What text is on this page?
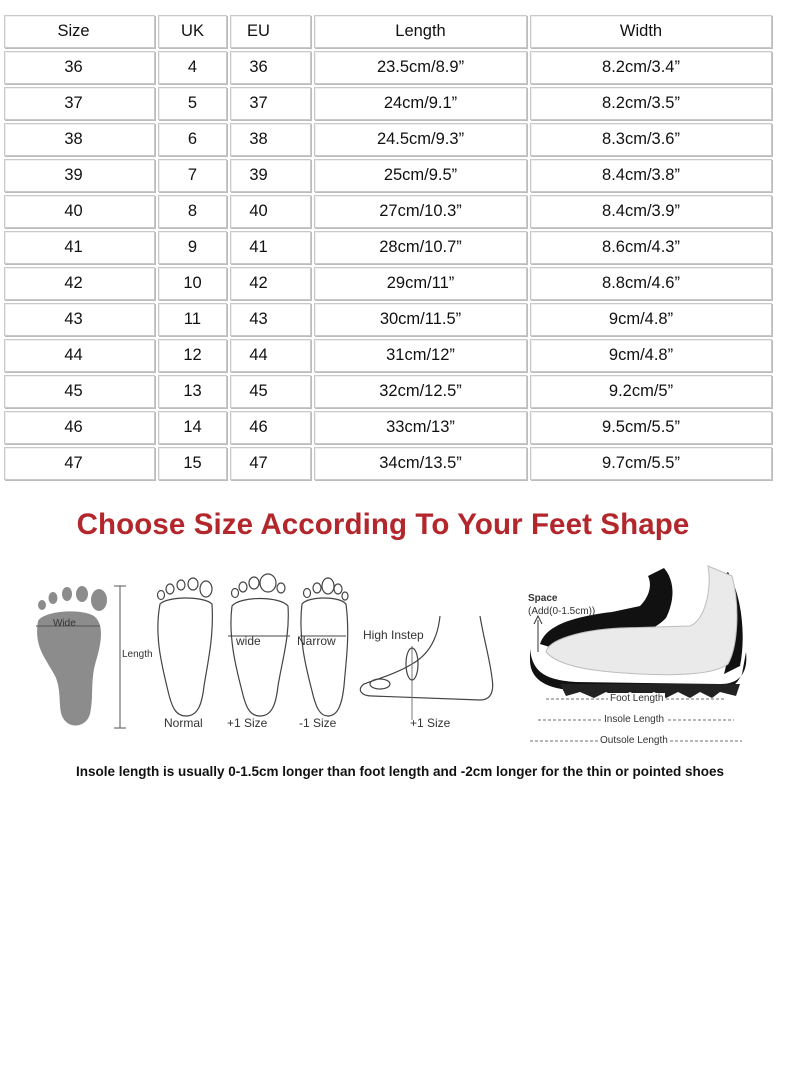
Size	UK	EU	Length	Width
36	4	36	23.5cm/8.9”	8.2cm/3.4”
37	5	37	24cm/9.1”	8.2cm/3.5”
38	6	38	24.5cm/9.3”	8.3cm/3.6”
39	7	39	25cm/9.5”	8.4cm/3.8”
40	8	40	27cm/10.3”	8.4cm/3.9”
41	9	41	28cm/10.7”	8.6cm/4.3”
42	10	42	29cm/11”	8.8cm/4.6”
43	11	43	30cm/11.5”	9cm/4.8”
44	12	44	31cm/12”	9cm/4.8”
45	13	45	32cm/12.5”	9.2cm/5”
46	14	46	33cm/13”	9.5cm/5.5”
47	15	47	34cm/13.5”	9.7cm/5.5”
Choose Size According To Your Feet Shape
Wide
Length
Normal
wide
+1 Size
Narrow
-1 Size
High Instep
+1 Size
Space
(Add(0-1.5cm))
Foot Length
Insole Length
Outsole Length
Insole length is usually 0-1.5cm longer than foot length and -2cm longer for the thin or pointed shoes
